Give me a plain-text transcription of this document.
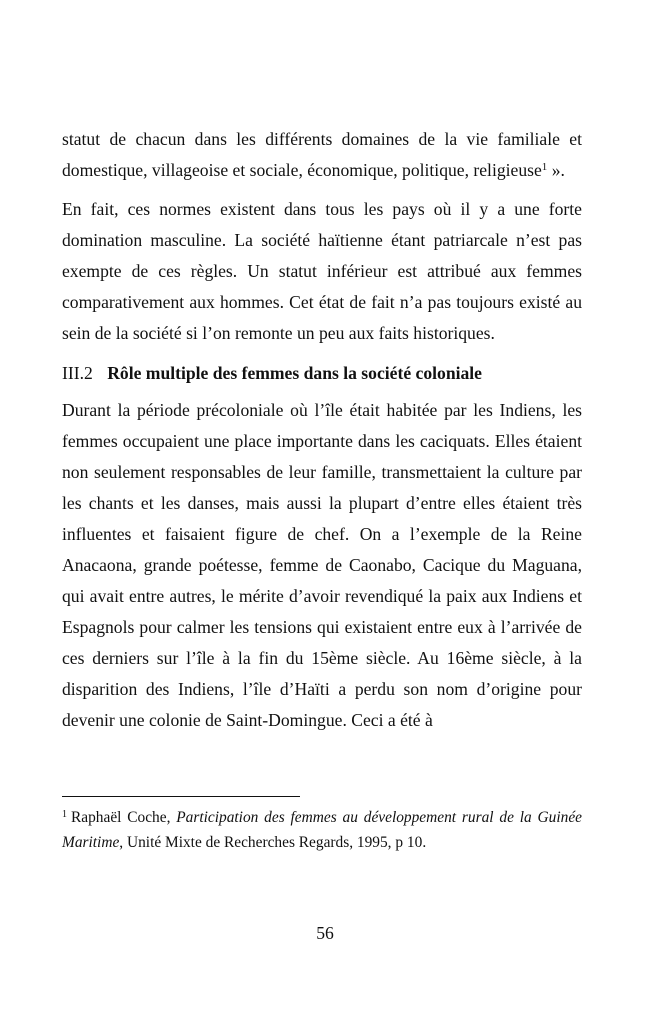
statut de chacun dans les différents domaines de la vie familiale et domestique, villageoise et sociale, économique, politique, religieuse$^1$ ».

En fait, ces normes existent dans tous les pays où il y a une forte domination masculine. La société haïtienne étant patriarcale n’est pas exempte de ces règles. Un statut inférieur est attribué aux femmes comparativement aux hommes. Cet état de fait n’a pas toujours existé au sein de la société si l’on remonte un peu aux faits historiques.

III.2 Rôle multiple des femmes dans la société coloniale

Durant la période précoloniale où l’île était habitée par les Indiens, les femmes occupaient une place importante dans les caciquats. Elles étaient non seulement responsables de leur famille, transmettaient la culture par les chants et les danses, mais aussi la plupart d’entre elles étaient très influentes et faisaient figure de chef. On a l’exemple de la Reine Anacaona, grande poétesse, femme de Caonabo, Cacique du Maguana, qui avait entre autres, le mérite d’avoir revendiqué la paix aux Indiens et Espagnols pour calmer les tensions qui existaient entre eux à l’arrivée de ces derniers sur l’île à la fin du 15ème siècle. Au 16ème siècle, à la disparition des Indiens, l’île d’Haïti a perdu son nom d’origine pour devenir une colonie de Saint-Domingue. Ceci a été à

$^1$ Raphaël Coche, Participation des femmes au développement rural de la Guinée Maritime, Unité Mixte de Recherches Regards, 1995, p 10.
56
